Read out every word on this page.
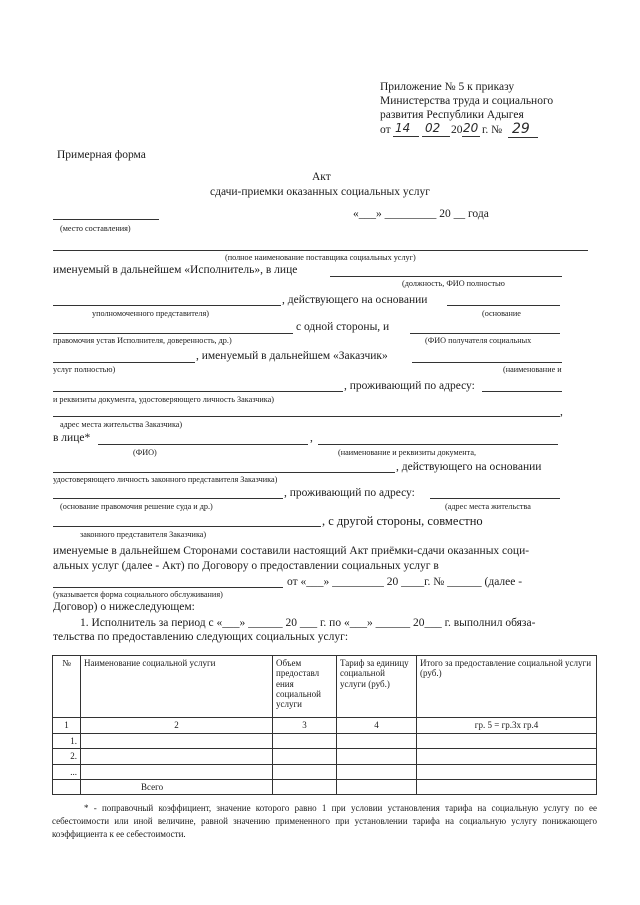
Приложение № 5 к приказу
Министерства труда и социального
развития Республики Адыгея
от 14 02 20 20 г. № 29
Примерная форма
Акт
сдачи-приемки оказанных социальных услуг
«___» _________ 20 __ года
(место составления)
(полное наименование поставщика социальных услуг)
именуемый в дальнейшем «Исполнитель», в лице
(должность, ФИО полностью
, действующего на основании
уполномоченного представителя)	(основание
с одной стороны, и
правомочия устав Исполнителя, доверенность, др.)	(ФИО получателя социальных
, именуемый в дальнейшем «Заказчик»
услуг полностью)	(наименование и
, проживающий по адресу:
и реквизиты документа, удостоверяющего личность Заказчика)
,
адрес места жительства Заказчика)
в лице*	,
(ФИО)	(наименование и реквизиты документа,
, действующего на основании
удостоверяющего личность законного представителя Заказчика)
, проживающий по адресу:
(основание правомочия решение суда и др.)	(адрес места жительства
, с другой стороны, совместно
законного представителя Заказчика)
именуемые в дальнейшем Сторонами составили настоящий Акт приёмки-сдачи оказанных соци-
альных услуг (далее - Акт) по Договору о предоставлении социальных услуг в
от «___» _________ 20 ____г. № ______ (далее -
(указывается форма социального обслуживания)
Договор) о нижеследующем:
1. Исполнитель за период с «___» ______ 20 ___ г. по «___» ______ 20___ г. выполнил обяза-
тельства по предоставлению следующих социальных услуг:
№	Наименование социальной услуги	Объем предоставл ения социальной услуги	Тариф за единицу социальной услуги (руб.)	Итого за предоставление социальной услуги (руб.)
1	2	3	4	гр. 5 = гр.3х гр.4
1.				
2.				
...				
	Всего			
* - поправочный коэффициент, значение которого равно 1 при условии установления тарифа на социальную услугу по ее себестоимости или иной величине, равной значению примененного при установлении тарифа на социальную услугу понижающего коэффициента к ее себестоимости.
